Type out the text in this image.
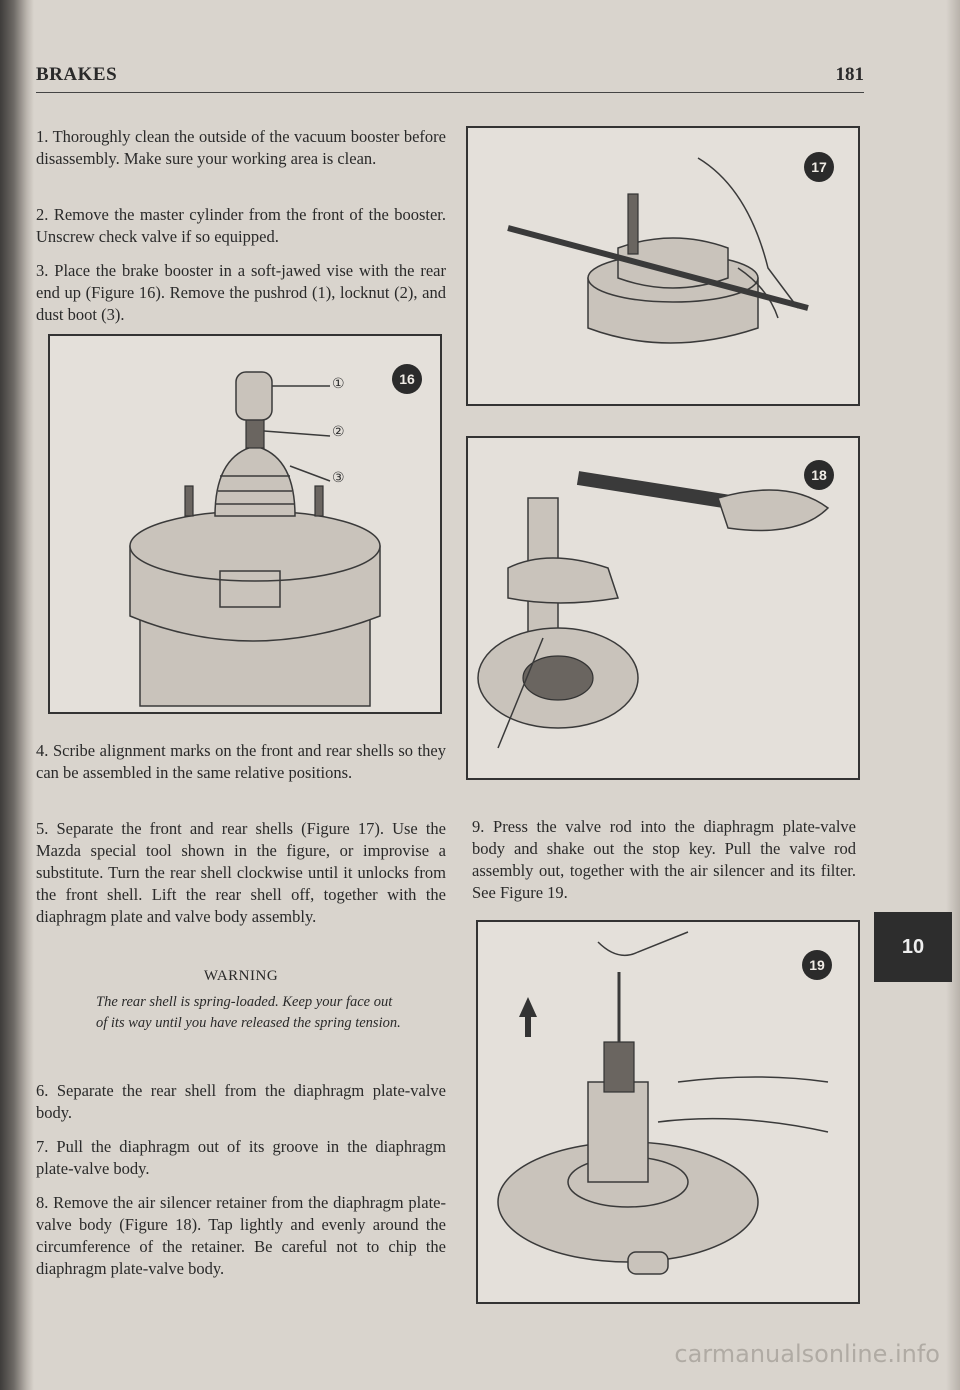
BRAKES	181
1. Thoroughly clean the outside of the vacuum booster before disassembly. Make sure your working area is clean.
2. Remove the master cylinder from the front of the booster. Unscrew check valve if so equipped.
3. Place the brake booster in a soft-jawed vise with the rear end up (Figure 16). Remove the pushrod (1), locknut (2), and dust boot (3).
16
①
②
③
4. Scribe alignment marks on the front and rear shells so they can be assembled in the same relative positions.
5. Separate the front and rear shells (Figure 17). Use the Mazda special tool shown in the figure, or improvise a substitute. Turn the rear shell clockwise until it unlocks from the front shell. Lift the rear shell off, together with the diaphragm plate and valve body assembly.
WARNING
The rear shell is spring-loaded. Keep your face out of its way until you have released the spring tension.
6. Separate the rear shell from the diaphragm plate-valve body.
7. Pull the diaphragm out of its groove in the diaphragm plate-valve body.
8. Remove the air silencer retainer from the diaphragm plate-valve body (Figure 18). Tap lightly and evenly around the circumference of the retainer. Be careful not to chip the diaphragm plate-valve body.
17
18
9. Press the valve rod into the diaphragm plate-valve body and shake out the stop key. Pull the valve rod assembly out, together with the air silencer and its filter. See Figure 19.
19
10
carmanualsonline.info
